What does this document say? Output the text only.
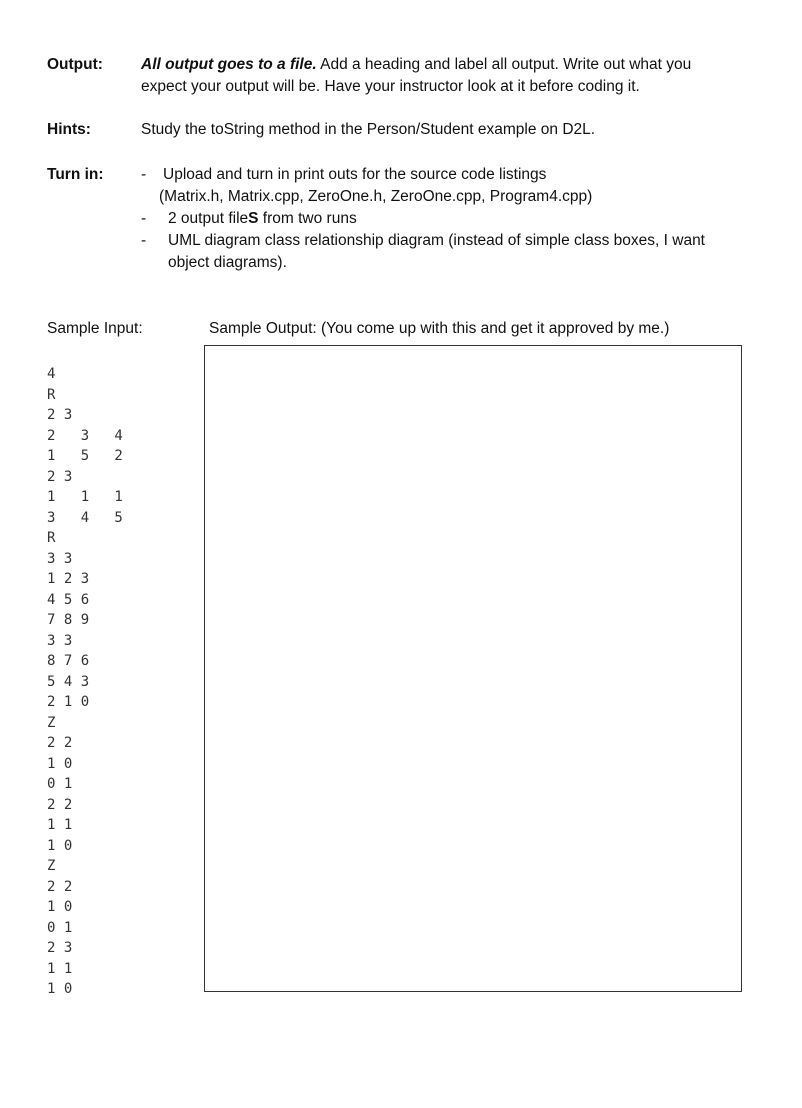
Output: All output goes to a file. Add a heading and label all output. Write out what you
expect your output will be. Have your instructor look at it before coding it.
Hints:	Study the toString method in the Person/Student example on D2L.
Turn in: - Upload and turn in print outs for the source code listings
(Matrix.h, Matrix.cpp, ZeroOne.h, ZeroOne.cpp, Program4.cpp)
- 2 output fileS from two runs
- UML diagram class relationship diagram (instead of simple class boxes, I want
object diagrams).
Sample Input:	Sample Output: (You come up with this and get it approved by me.)
4
R
2 3
2   3   4
1   5   2
2 3
1   1   1
3   4   5
R
3 3
1 2 3
4 5 6
7 8 9
3 3
8 7 6
5 4 3
2 1 0
Z
2 2
1 0
0 1
2 2
1 1
1 0
Z
2 2
1 0
0 1
2 3
1 1
1 0
